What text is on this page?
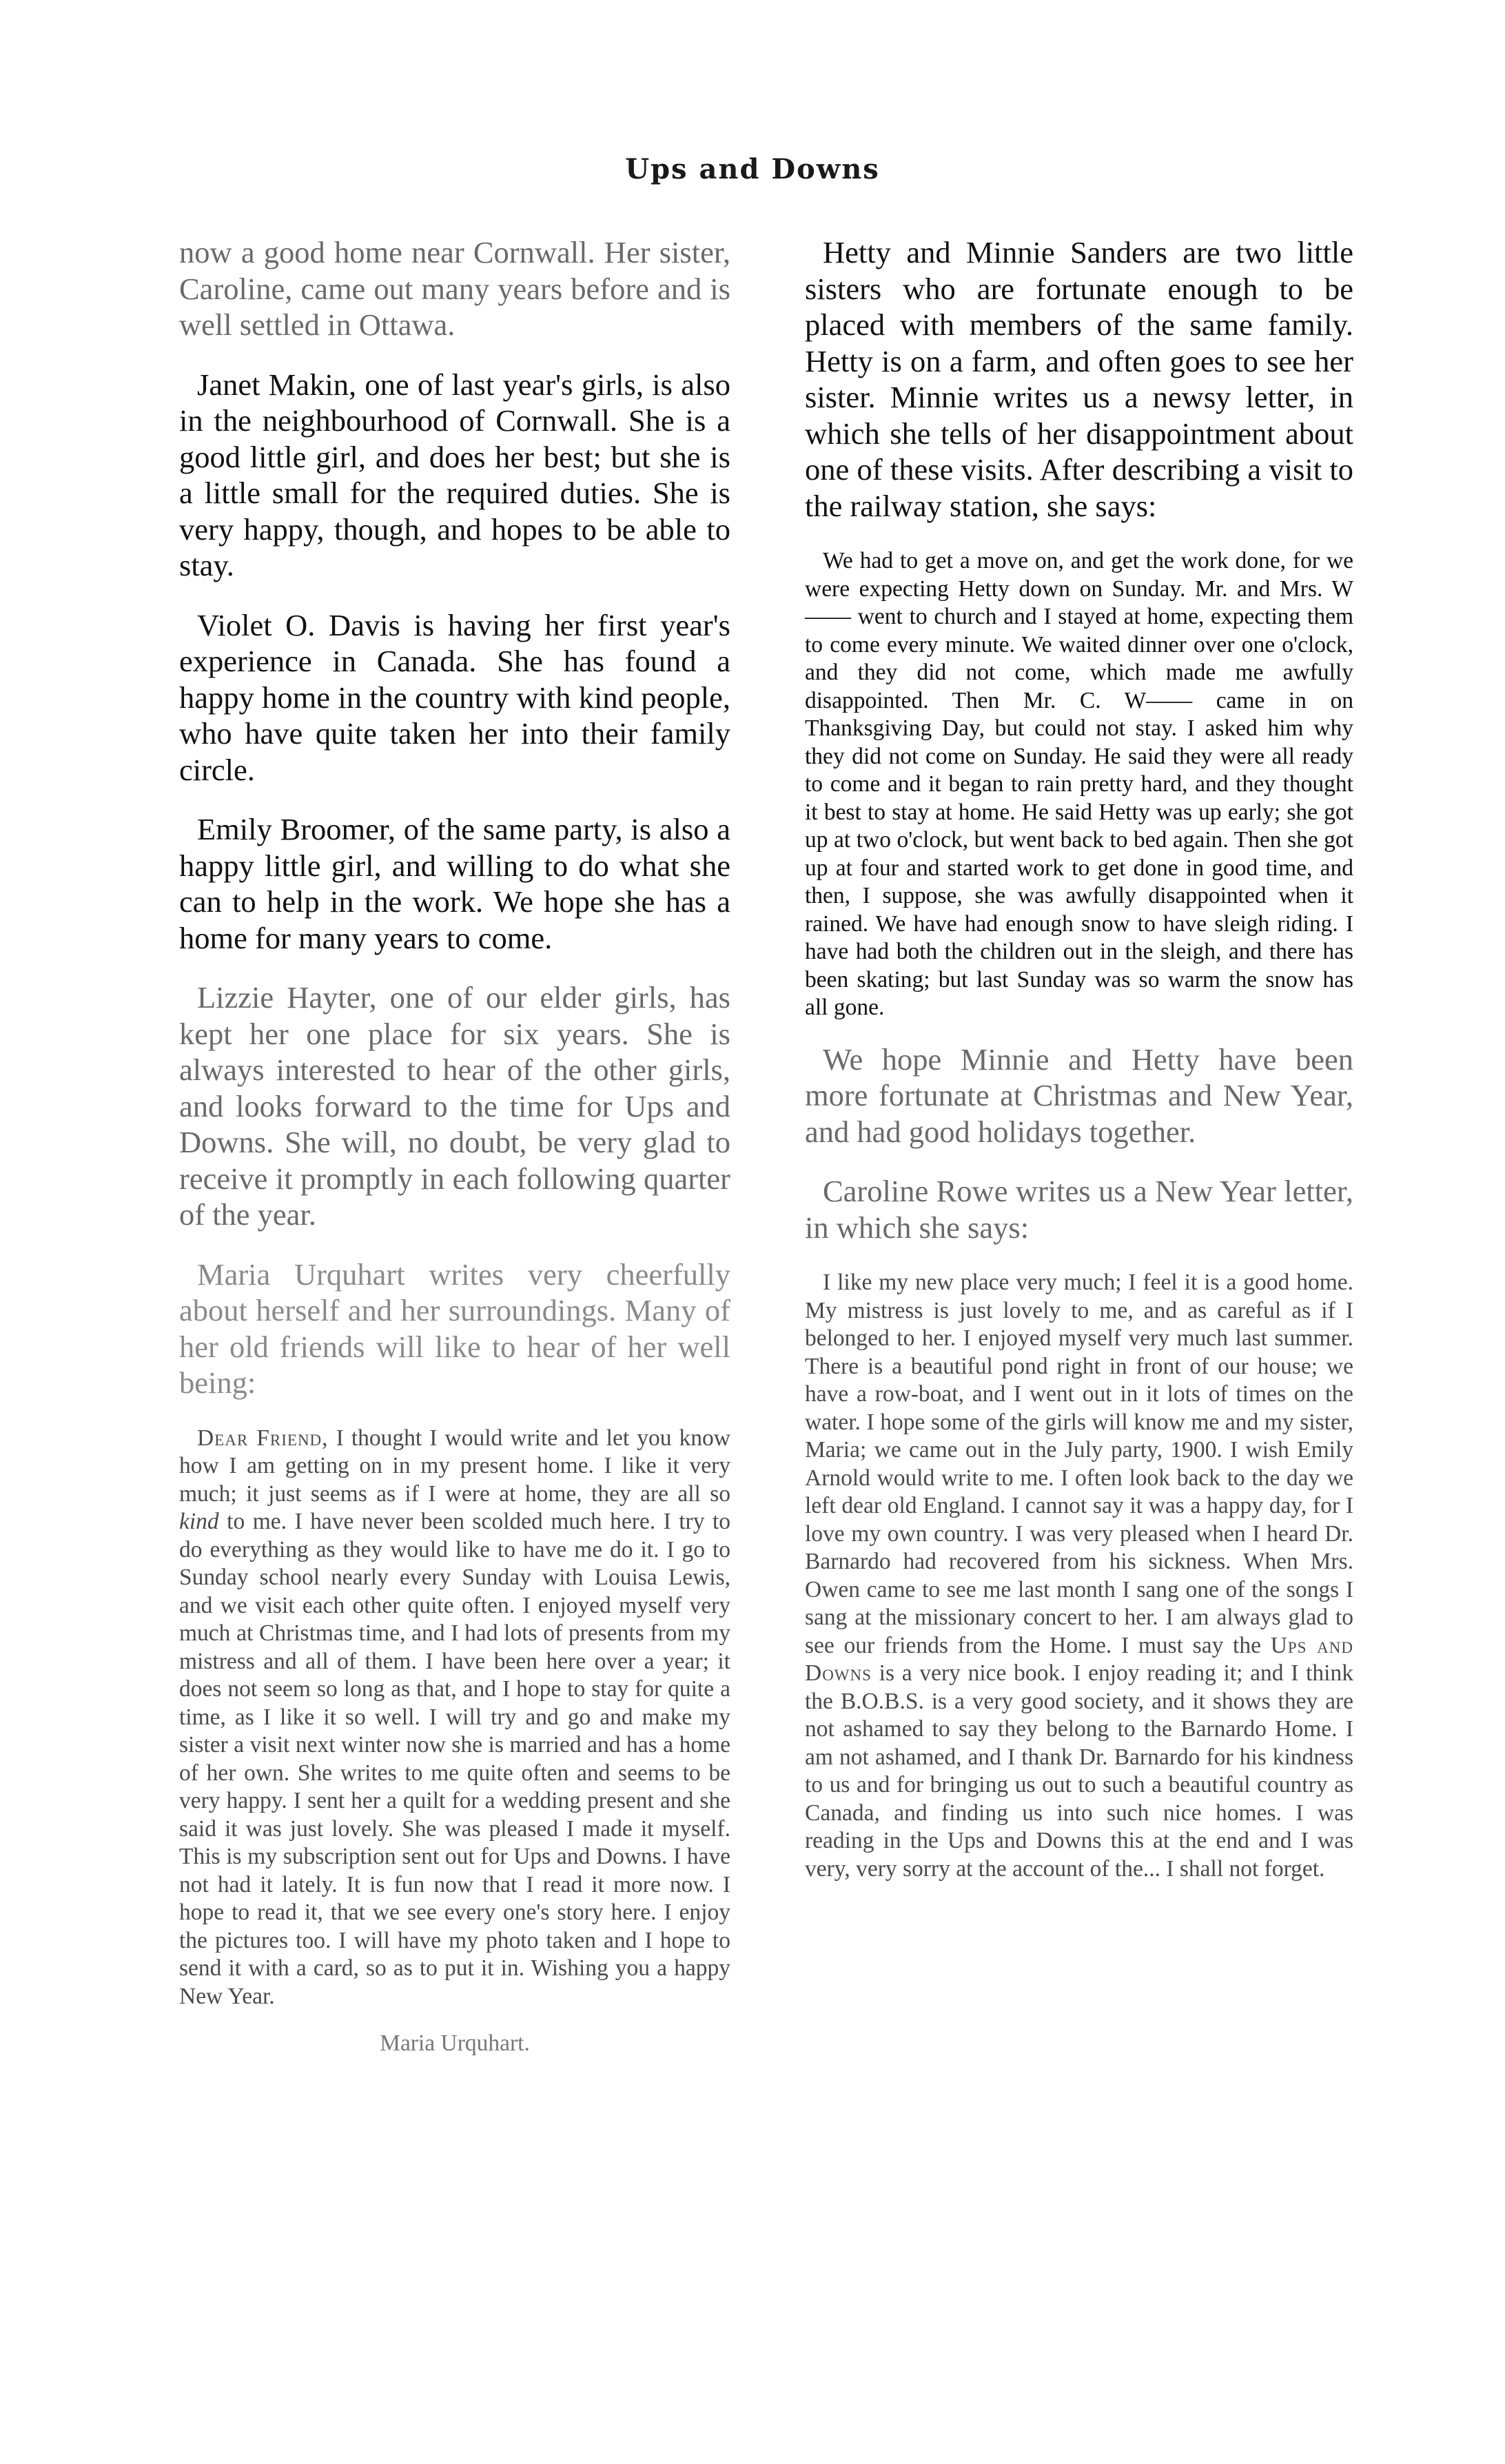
Ups and Downs

now a good home near Cornwall. Her sister, Caroline, came out many years before and is well settled in Ottawa.

Janet Makin, one of last year's girls, is also in the neighbourhood of Cornwall. She is a good little girl, and does her best; but she is a little small for the required duties. She is very happy, though, and hopes to be able to stay.

Violet O. Davis is having her first year's experience in Canada. She has found a happy home in the country with kind people, who have quite taken her into their family circle.

Emily Broomer, of the same party, is also a happy little girl, and willing to do what she can to help in the work. We hope she has a home for many years to come.

Lizzie Hayter, one of our elder girls, has kept her one place for six years. She is always interested to hear of the other girls, and looks forward to the time for Ups and Downs. She will, no doubt, be very glad to receive it promptly in each following quarter of the year.

Maria Urquhart writes very cheerfully about herself and her surroundings. Many of her old friends will like to hear of her well being:

Dear Friend, I thought I would write and let you know how I am getting on in my present home. I like it very much; it just seems as if I were at home, they are all so kind to me. I have never been scolded much here. I try to do everything as they would like to have me do it. I go to Sunday school nearly every Sunday with Louisa Lewis, and we visit each other quite often. I enjoyed myself very much at Christmas time, and I had lots of presents from my mistress and all of them. I have been here over a year; it does not seem so long as that, and I hope to stay for quite a time, as I like it so well. I will try and go and make my sister a visit next winter now she is married and has a home of her own. She writes to me quite often and seems to be very happy. I sent her a quilt for a wedding present and she said it was just lovely. She was pleased I made it myself. This is my subscription sent out for Ups and Downs. I have not had it lately. It is fun now that I read it more now. I hope to read it, that we see every one's story here. I enjoy the pictures too. I will have my photo taken and I hope to send it with a card, so as to put it in. Wishing you a happy New Year.

Maria Urquhart.

Hetty and Minnie Sanders are two little sisters who are fortunate enough to be placed with members of the same family. Hetty is on a farm, and often goes to see her sister. Minnie writes us a newsy letter, in which she tells of her disappointment about one of these visits. After describing a visit to the railway station, she says:

We had to get a move on, and get the work done, for we were expecting Hetty down on Sunday. Mr. and Mrs. W—— went to church and I stayed at home, expecting them to come every minute. We waited dinner over one o'clock, and they did not come, which made me awfully disappointed. Then Mr. C. W—— came in on Thanksgiving Day, but could not stay. I asked him why they did not come on Sunday. He said they were all ready to come and it began to rain pretty hard, and they thought it best to stay at home. He said Hetty was up early; she got up at two o'clock, but went back to bed again. Then she got up at four and started work to get done in good time, and then, I suppose, she was awfully disappointed when it rained. We have had enough snow to have sleigh riding. I have had both the children out in the sleigh, and there has been skating; but last Sunday was so warm the snow has all gone.

We hope Minnie and Hetty have been more fortunate at Christmas and New Year, and had good holidays together.

Caroline Rowe writes us a New Year letter, in which she says:

I like my new place very much; I feel it is a good home. My mistress is just lovely to me, and as careful as if I belonged to her. I enjoyed myself very much last summer. There is a beautiful pond right in front of our house; we have a row-boat, and I went out in it lots of times on the water. I hope some of the girls will know me and my sister, Maria; we came out in the July party, 1900. I wish Emily Arnold would write to me. I often look back to the day we left dear old England. I cannot say it was a happy day, for I love my own country. I was very pleased when I heard Dr. Barnardo had recovered from his sickness. When Mrs. Owen came to see me last month I sang one of the songs I sang at the missionary concert to her. I am always glad to see our friends from the Home. I must say the Ups and Downs is a very nice book. I enjoy reading it; and I think the B.O.B.S. is a very good society, and it shows they are not ashamed to say they belong to the Barnardo Home. I am not ashamed, and I thank Dr. Barnardo for his kindness to us and for bringing us out to such a beautiful country as Canada, and finding us into such nice homes. I was reading in the Ups and Downs this at the end and I was very, very sorry at the account of the... I shall not forget.
